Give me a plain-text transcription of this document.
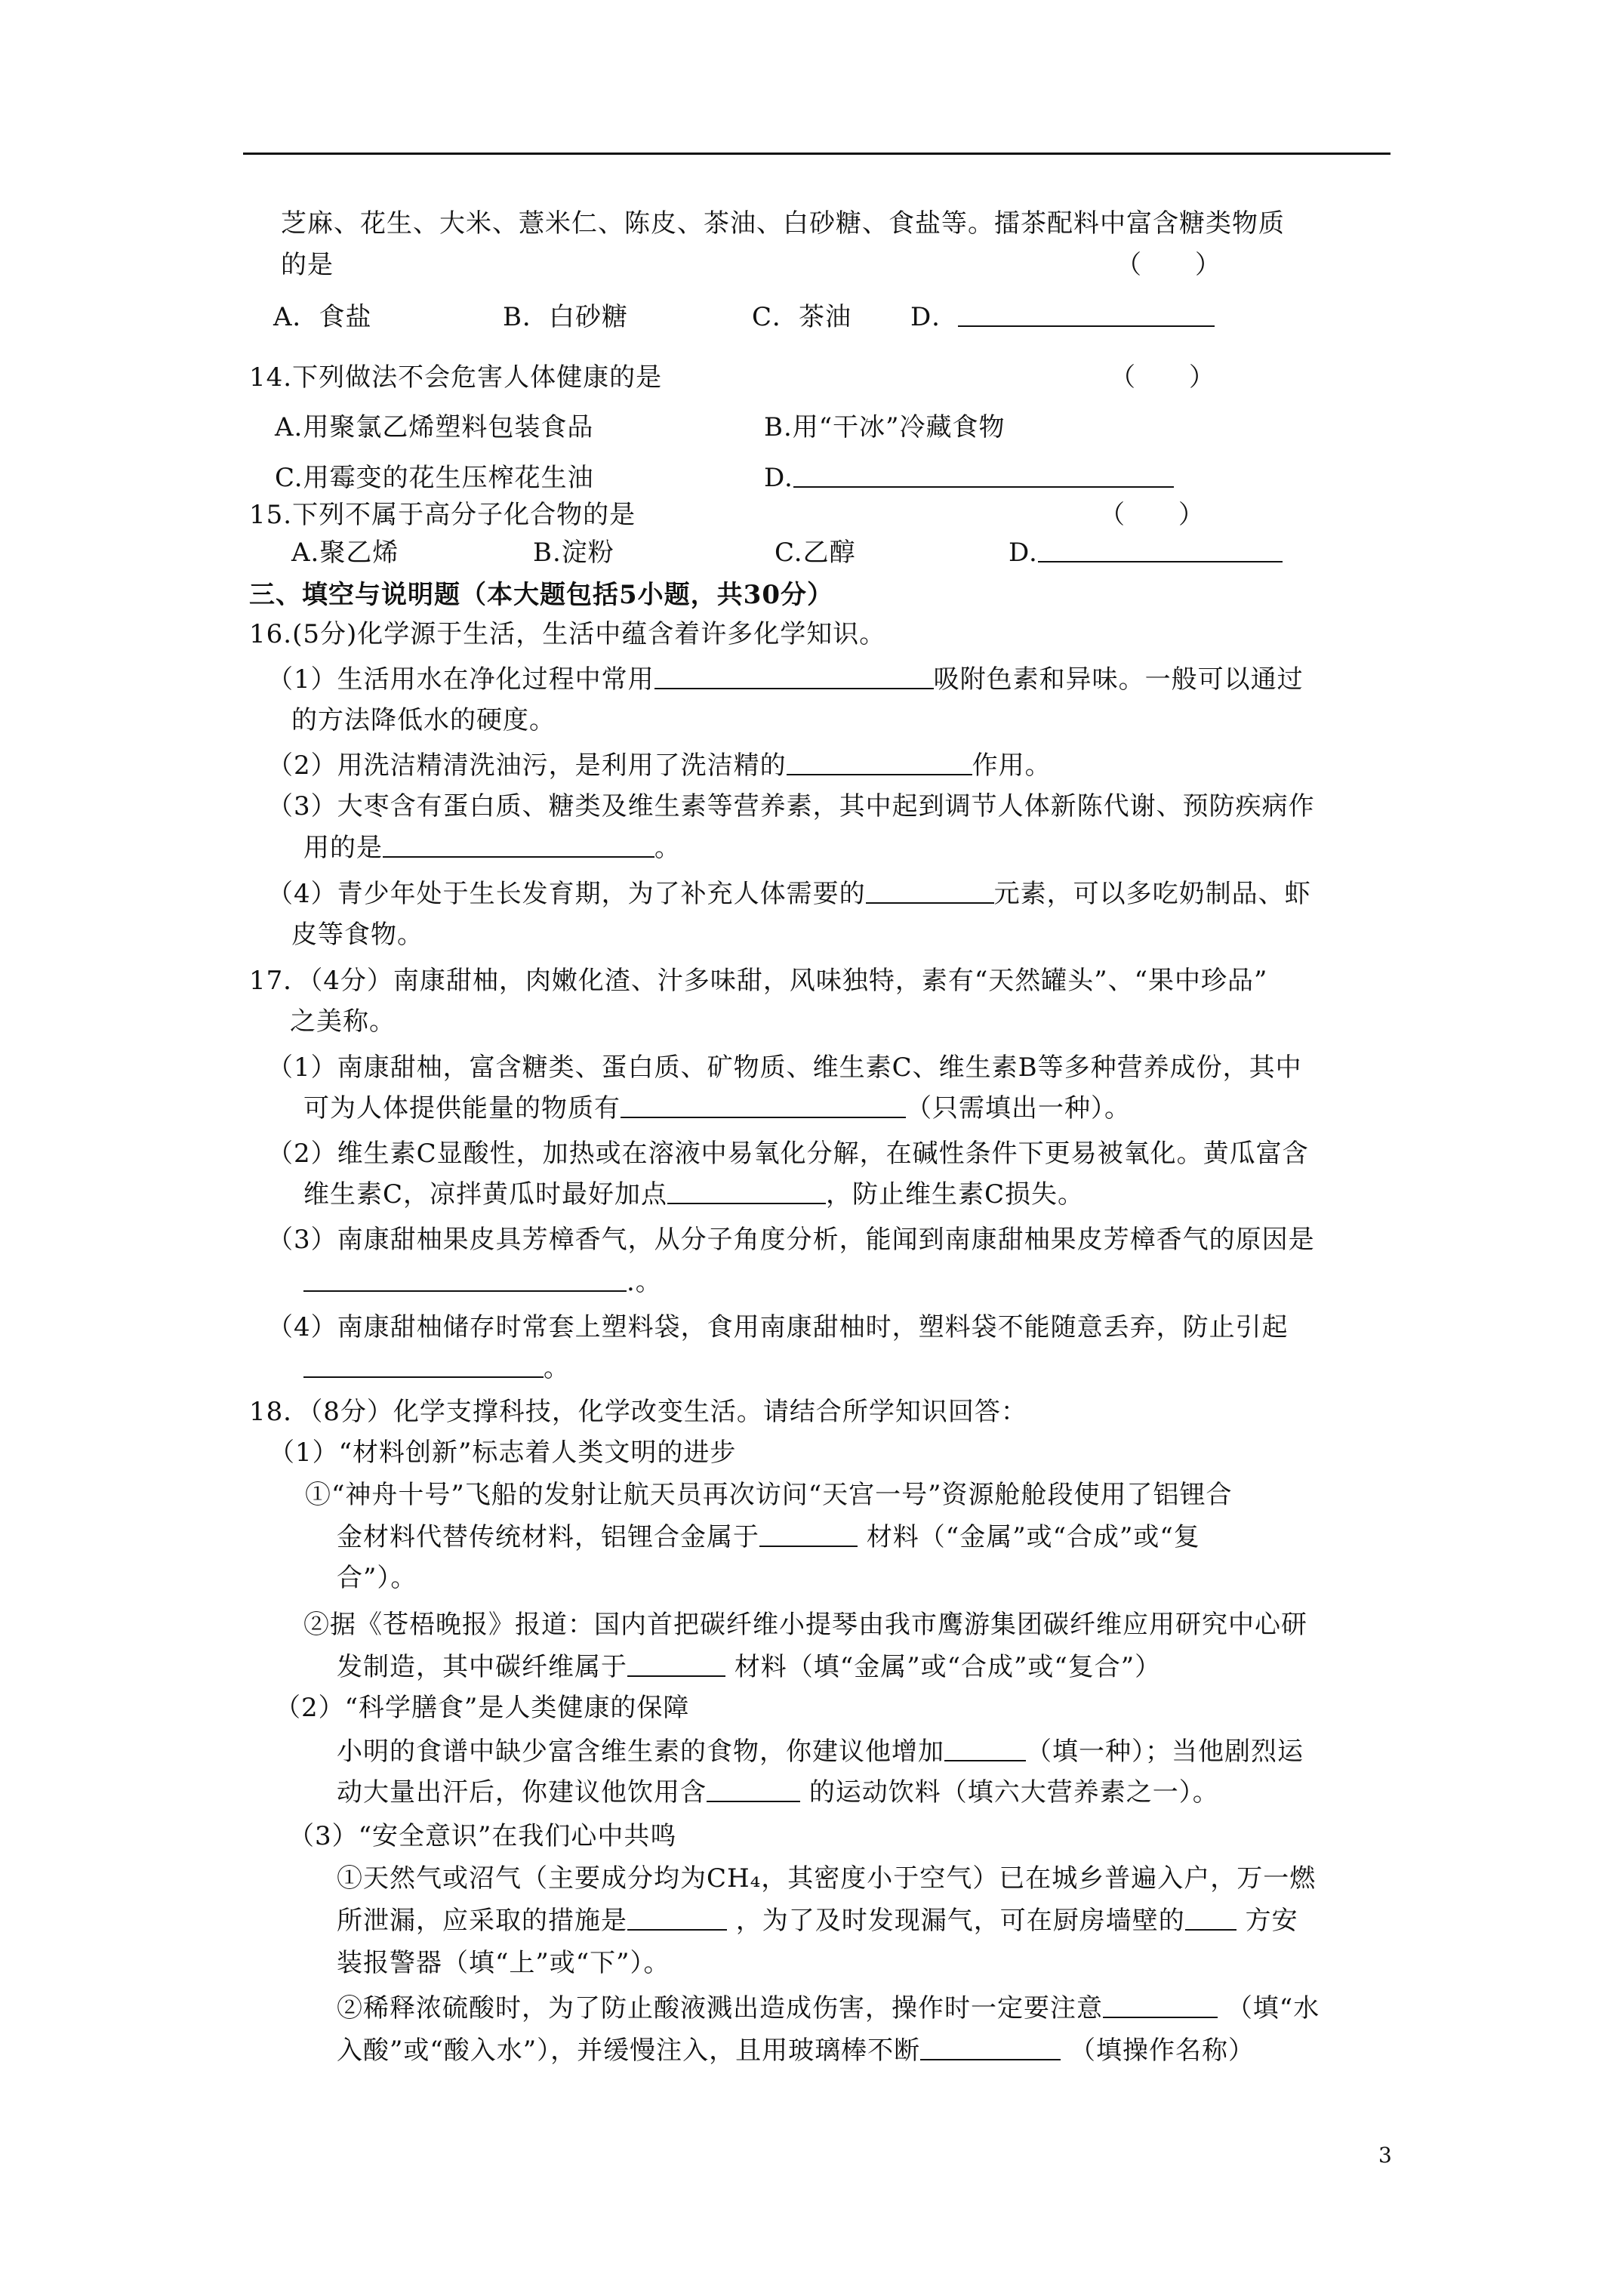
芝麻、花生、大米、薏米仁、陈皮、茶油、白砂糖、食盐等。擂茶配料中富含糖类物质
的是	（　　）
A．食盐	B．白砂糖	C．茶油 D．
14.下列做法不会危害人体健康的是	（　　）
A.用聚氯乙烯塑料包装食品	B.用“干冰”冷藏食物
C.用霉变的花生压榨花生油	D.
15.下列不属于高分子化合物的是	（　　）
A.聚乙烯	B.淀粉	C.乙醇	D.
三、填空与说明题（本大题包括5小题，共30分）
16.(5分)化学源于生活，生活中蕴含着许多化学知识。
（1）生活用水在净化过程中常用	吸附色素和异味。一般可以通过
的方法降低水的硬度。
（2）用洗洁精清洗油污，是利用了洗洁精的	作用。
（3）大枣含有蛋白质、糖类及维生素等营养素，其中起到调节人体新陈代谢、预防疾病作
用的是	。
（4）青少年处于生长发育期，为了补充人体需要的	元素，可以多吃奶制品、虾
皮等食物。
17．（4分）南康甜柚，肉嫩化渣、汁多味甜，风味独特，素有“天然罐头”、“果中珍品”
之美称。
（1）南康甜柚，富含糖类、蛋白质、矿物质、维生素C、维生素B等多种营养成份，其中
可为人体提供能量的物质有	（只需填出一种）。
（2）维生素C显酸性，加热或在溶液中易氧化分解，在碱性条件下更易被氧化。黄瓜富含
维生素C，凉拌黄瓜时最好加点	，防止维生素C损失。
（3）南康甜柚果皮具芳樟香气，从分子角度分析，能闻到南康甜柚果皮芳樟香气的原因是
.。
（4）南康甜柚储存时常套上塑料袋，食用南康甜柚时，塑料袋不能随意丢弃，防止引起
。
18．（8分）化学支撑科技，化学改变生活。请结合所学知识回答：
（1）“材料创新”标志着人类文明的进步
①“神舟十号”飞船的发射让航天员再次访问“天宫一号”资源舱舱段使用了铝锂合
金材料代替传统材料，铝锂合金属于	材料（“金属”或“合成”或“复
合”）。
②据《苍梧晚报》报道：国内首把碳纤维小提琴由我市鹰游集团碳纤维应用研究中心研
发制造，其中碳纤维属于	材料（填“金属”或“合成”或“复合”）
（2）“科学膳食”是人类健康的保障
小明的食谱中缺少富含维生素的食物，你建议他增加	（填一种）；当他剧烈运
动大量出汗后，你建议他饮用含	的运动饮料（填六大营养素之一）。
（3）“安全意识”在我们心中共鸣
①天然气或沼气（主要成分均为CH₄，其密度小于空气）已在城乡普遍入户，万一燃
所泄漏，应采取的措施是	，为了及时发现漏气，可在厨房墙壁的 方安
装报警器（填“上”或“下”）。
②稀释浓硫酸时，为了防止酸液溅出造成伤害，操作时一定要注意	（填“水
入酸”或“酸入水”），并缓慢注入，且用玻璃棒不断	（填操作名称）
3
